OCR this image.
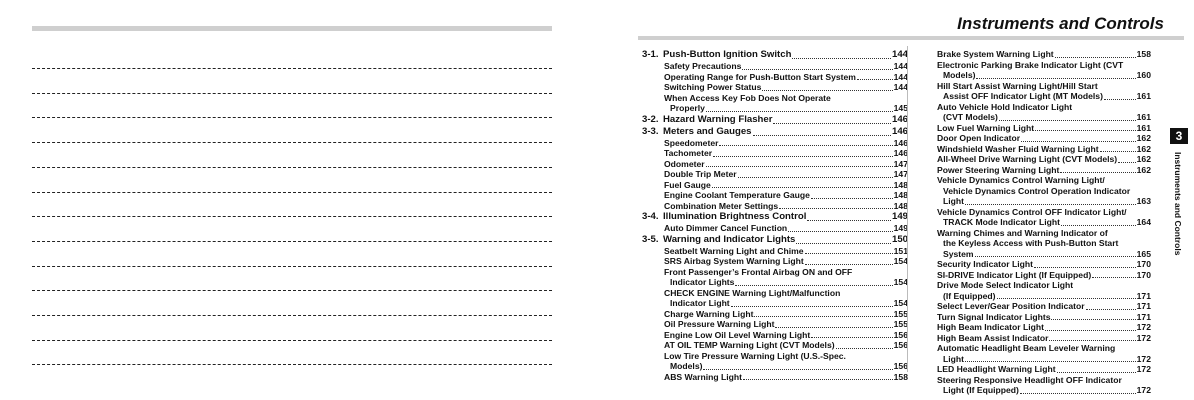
Instruments and Controls
3-1. Push-Button Ignition Switch	144
Safety Precautions	144
Operating Range for Push-Button Start System	144
Switching Power Status	144
When Access Key Fob Does Not Operate
Properly	145
3-2. Hazard Warning Flasher	146
3-3. Meters and Gauges	146
Speedometer	146
Tachometer	146
Odometer	147
Double Trip Meter	147
Fuel Gauge	148
Engine Coolant Temperature Gauge	148
Combination Meter Settings	148
3-4. Illumination Brightness Control	149
Auto Dimmer Cancel Function	149
3-5. Warning and Indicator Lights	150
Seatbelt Warning Light and Chime	151
SRS Airbag System Warning Light	154
Front Passenger’s Frontal Airbag ON and OFF
Indicator Lights	154
CHECK ENGINE Warning Light/Malfunction
Indicator Light	154
Charge Warning Light	155
Oil Pressure Warning Light	155
Engine Low Oil Level Warning Light	156
AT OIL TEMP Warning Light (CVT Models)	156
Low Tire Pressure Warning Light (U.S.-Spec.
Models)	156
ABS Warning Light	158
Brake System Warning Light	158
Electronic Parking Brake Indicator Light (CVT
Models)	160
Hill Start Assist Warning Light/Hill Start
Assist OFF Indicator Light (MT Models)	161
Auto Vehicle Hold Indicator Light
(CVT Models)	161
Low Fuel Warning Light	161
Door Open Indicator	162
Windshield Washer Fluid Warning Light	162
All-Wheel Drive Warning Light (CVT Models) 162
Power Steering Warning Light	162
Vehicle Dynamics Control Warning Light/
Vehicle Dynamics Control Operation Indicator
Light	163
Vehicle Dynamics Control OFF Indicator Light/
TRACK Mode Indicator Light	164
Warning Chimes and Warning Indicator of
the Keyless Access with Push-Button Start
System	165
Security Indicator Light	170
SI-DRIVE Indicator Light (If Equipped)	170
Drive Mode Select Indicator Light
(If Equipped)	171
Select Lever/Gear Position Indicator	171
Turn Signal Indicator Lights	171
High Beam Indicator Light	172
High Beam Assist Indicator	172
Automatic Headlight Beam Leveler Warning
Light	172
LED Headlight Warning Light	172
Steering Responsive Headlight OFF Indicator
Light (If Equipped)	172
3
Instruments and Controls
